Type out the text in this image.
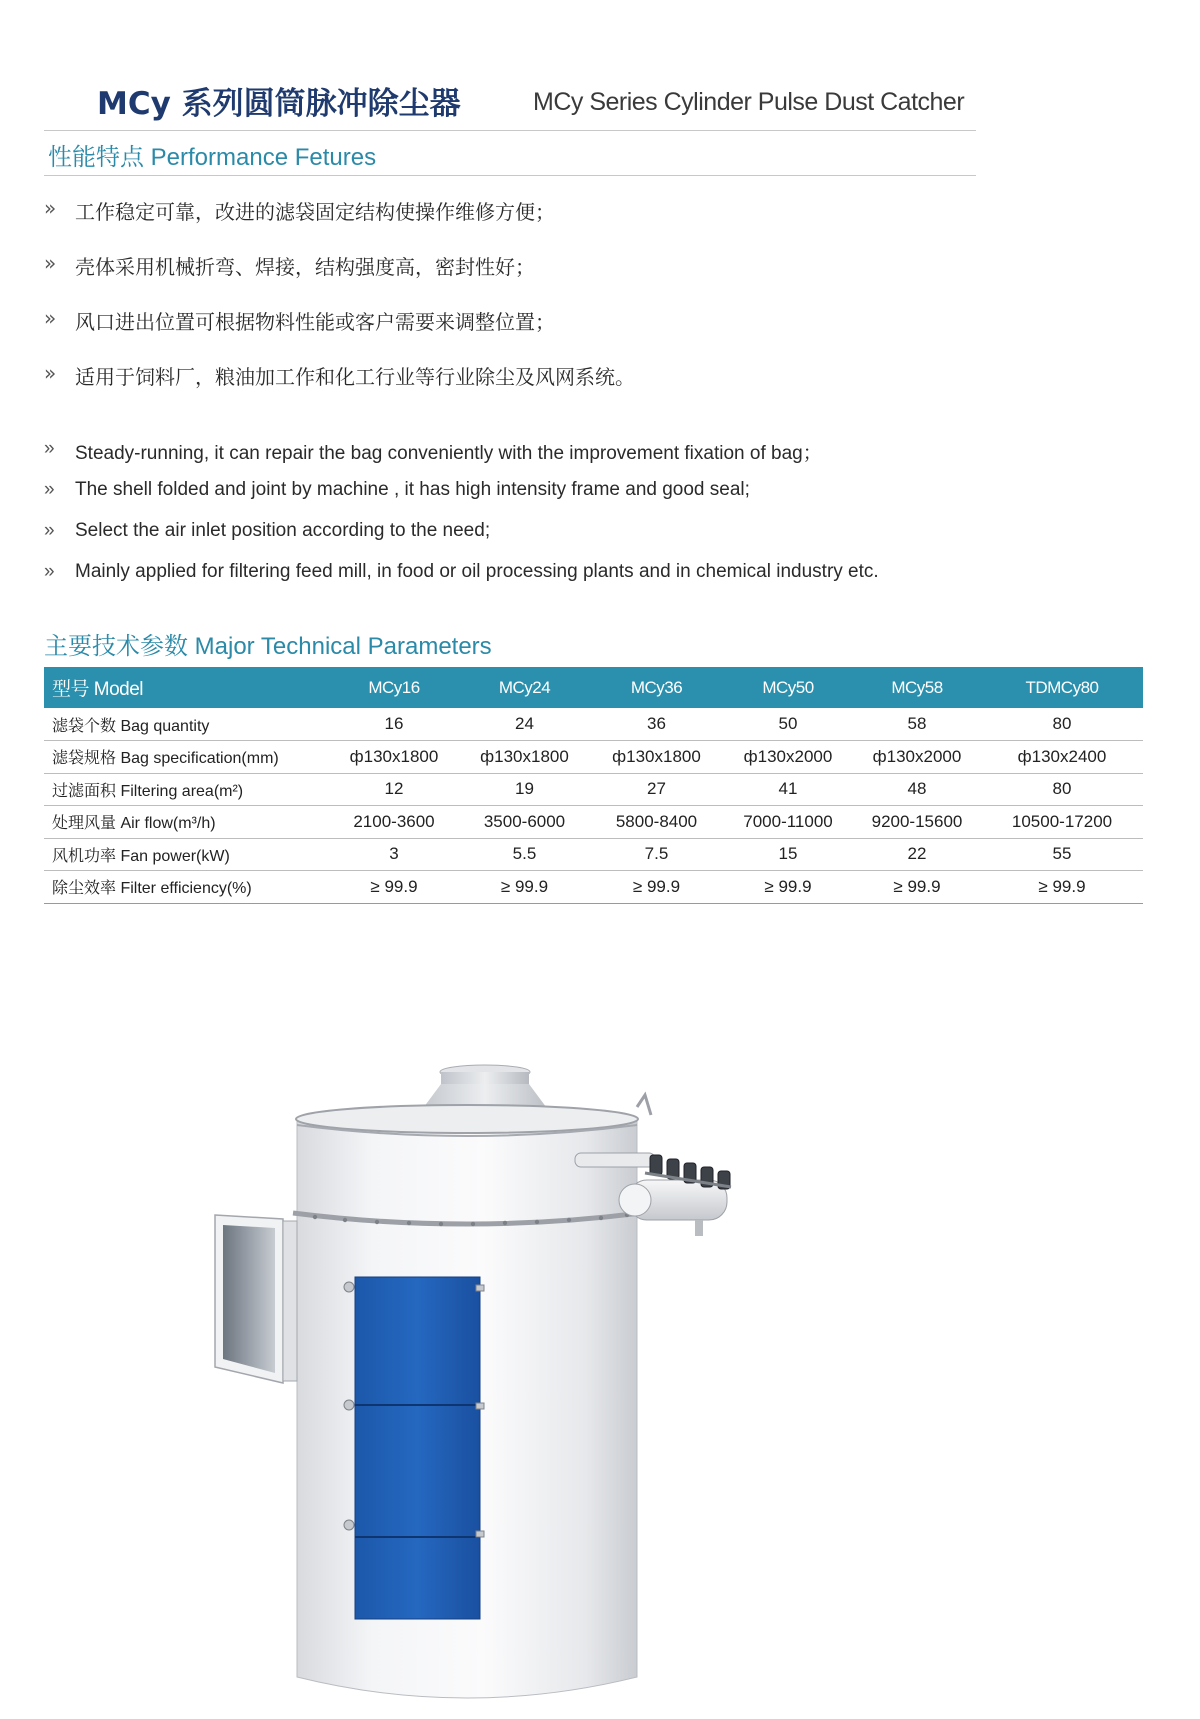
MCy 系列圆筒脉冲除尘器	MCy Series Cylinder Pulse Dust Catcher
性能特点 Performance Fetures
» 工作稳定可靠，改进的滤袋固定结构使操作维修方便；
» 壳体采用机械折弯、焊接，结构强度高，密封性好；
» 风口进出位置可根据物料性能或客户需要来调整位置；
» 适用于饲料厂，粮油加工作和化工行业等行业除尘及风网系统。
» Steady-running, it can repair the bag conveniently with the improvement fixation of bag；
» The shell folded and joint by machine , it has high intensity frame and good seal;
» Select the air inlet position according to the need;
» Mainly applied for filtering feed mill, in food or oil processing plants and in chemical industry etc.
主要技术参数 Major Technical Parameters
型号 Model	MCy16	MCy24	MCy36	MCy50	MCy58	TDMCy80
滤袋个数 Bag quantity	16	24	36	50	58	80
滤袋规格 Bag specification(mm)	ф130x1800	ф130x1800	ф130x1800	ф130x2000	ф130x2000	ф130x2400
过滤面积 Filtering area(m²)	12	19	27	41	48	80
处理风量 Air flow(m³/h)	2100-3600	3500-6000	5800-8400	7000-11000	9200-15600	10500-17200
风机功率 Fan power(kW)	3	5.5	7.5	15	22	55
除尘效率 Filter efficiency(%)	≥ 99.9	≥ 99.9	≥ 99.9	≥ 99.9	≥ 99.9	≥ 99.9
